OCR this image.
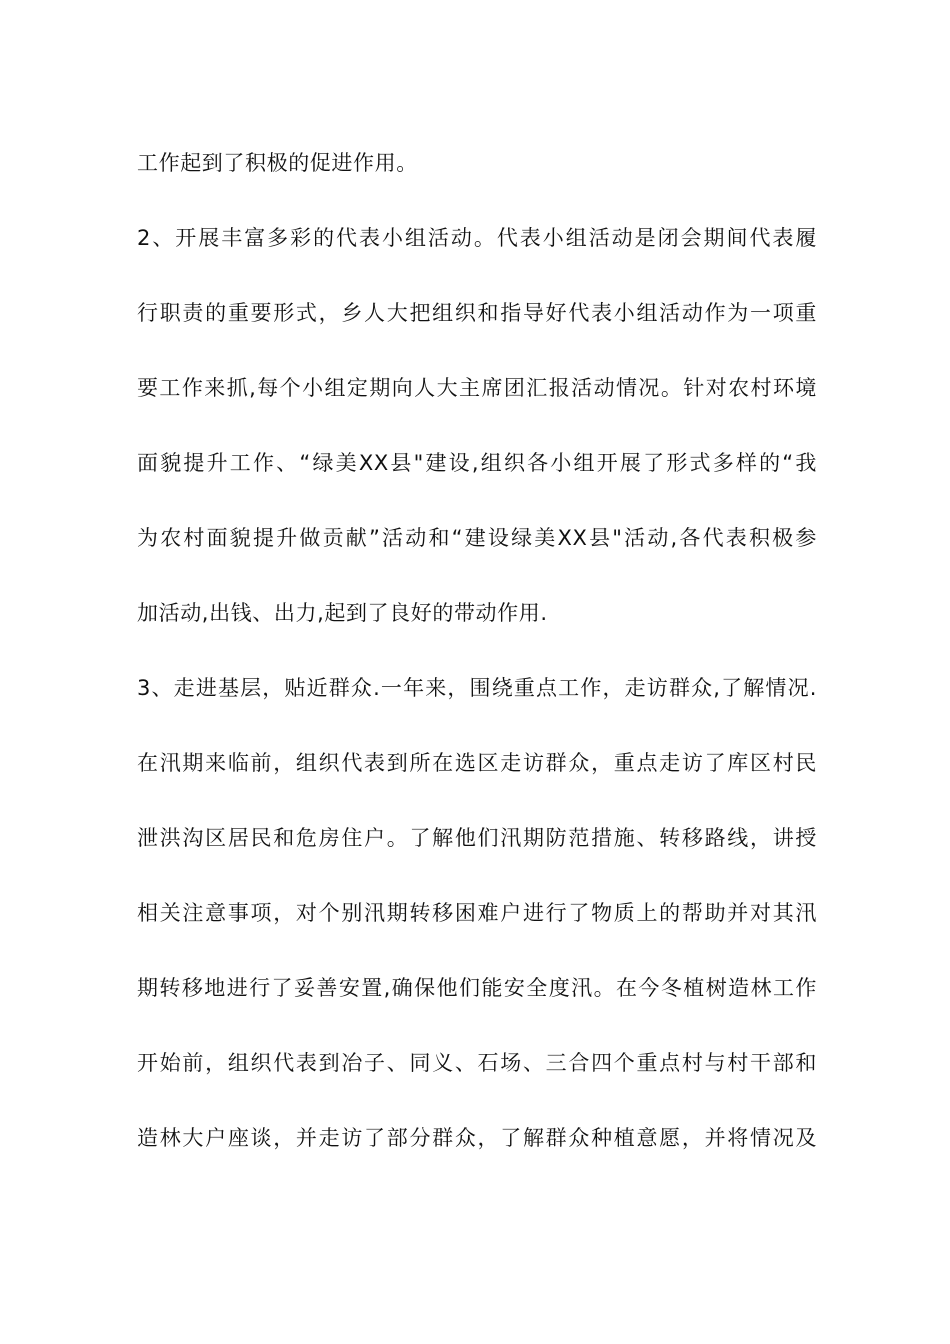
工作起到了积极的促进作用。
2、开展丰富多彩的代表小组活动。代表小组活动是闭会期间代表履
行职责的重要形式，乡人大把组织和指导好代表小组活动作为一项重
要工作来抓,每个小组定期向人大主席团汇报活动情况。针对农村环境
面貌提升工作、“绿美XX县"建设,组织各小组开展了形式多样的“我
为农村面貌提升做贡献”活动和“建设绿美XX县"活动,各代表积极参
加活动,出钱、出力,起到了良好的带动作用.
3、走进基层，贴近群众.一年来，围绕重点工作，走访群众,了解情况.
在汛期来临前，组织代表到所在选区走访群众，重点走访了库区村民
泄洪沟区居民和危房住户。了解他们汛期防范措施、转移路线，讲授
相关注意事项，对个别汛期转移困难户进行了物质上的帮助并对其汛
期转移地进行了妥善安置,确保他们能安全度汛。在今冬植树造林工作
开始前，组织代表到冶子、同义、石场、三合四个重点村与村干部和
造林大户座谈，并走访了部分群众，了解群众种植意愿，并将情况及
